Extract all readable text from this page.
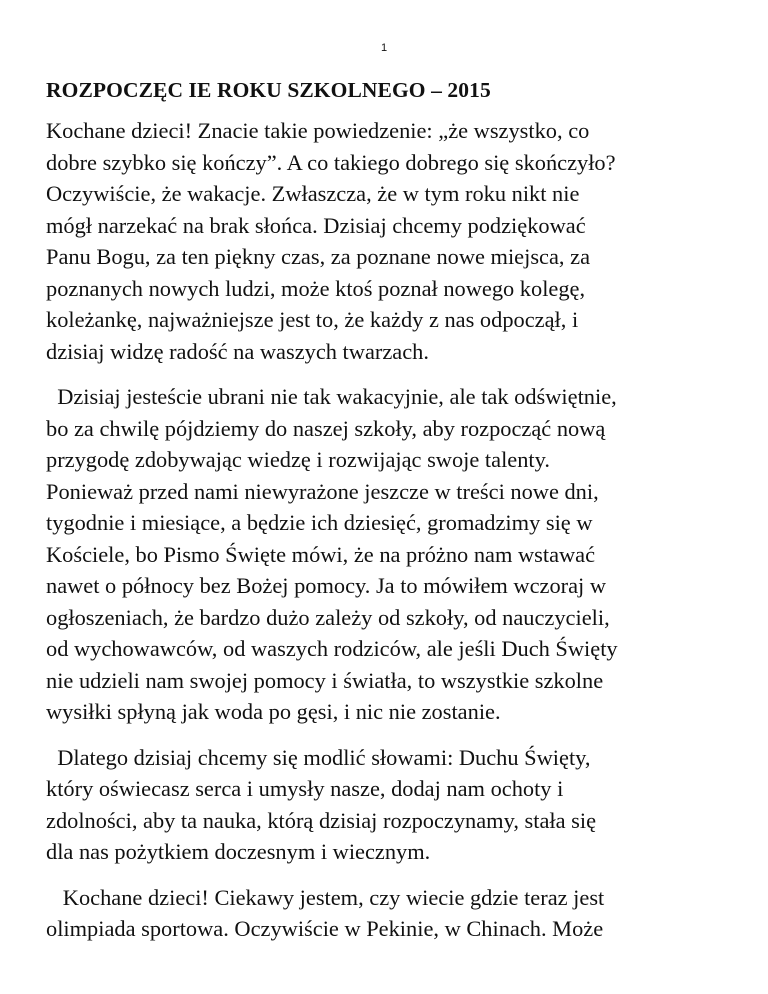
1
ROZPOCZĘC IE ROKU SZKOLNEGO – 2015

Kochane dzieci! Znacie takie powiedzenie: „że wszystko, co
dobre szybko się kończy”. A co takiego dobrego się skończyło?
Oczywiście, że wakacje. Zwłaszcza, że w tym roku nikt nie
mógł narzekać na brak słońca. Dzisiaj chcemy podziękować
Panu Bogu, za ten piękny czas, za poznane nowe miejsca, za
poznanych nowych ludzi, może ktoś poznał nowego kolegę,
koleżankę, najważniejsze jest to, że każdy z nas odpoczął, i
dzisiaj widzę radość na waszych twarzach.

Dzisiaj jesteście ubrani nie tak wakacyjnie, ale tak odświętnie,
bo za chwilę pójdziemy do naszej szkoły, aby rozpocząć nową
przygodę zdobywając wiedzę i rozwijając swoje talenty.
Ponieważ przed nami niewyrażone jeszcze w treści nowe dni,
tygodnie i miesiące, a będzie ich dziesięć, gromadzimy się w
Kościele, bo Pismo Święte mówi, że na próżno nam wstawać
nawet o północy bez Bożej pomocy. Ja to mówiłem wczoraj w
ogłoszeniach, że bardzo dużo zależy od szkoły, od nauczycieli,
od wychowawców, od waszych rodziców, ale jeśli Duch Święty
nie udzieli nam swojej pomocy i światła, to wszystkie szkolne
wysiłki spłyną jak woda po gęsi, i nic nie zostanie.

Dlatego dzisiaj chcemy się modlić słowami: Duchu Święty,
który oświecasz serca i umysły nasze, dodaj nam ochoty i
zdolności, aby ta nauka, którą dzisiaj rozpoczynamy, stała się
dla nas pożytkiem doczesnym i wiecznym.

Kochane dzieci! Ciekawy jestem, czy wiecie gdzie teraz jest
olimpiada sportowa. Oczywiście w Pekinie, w Chinach. Może
